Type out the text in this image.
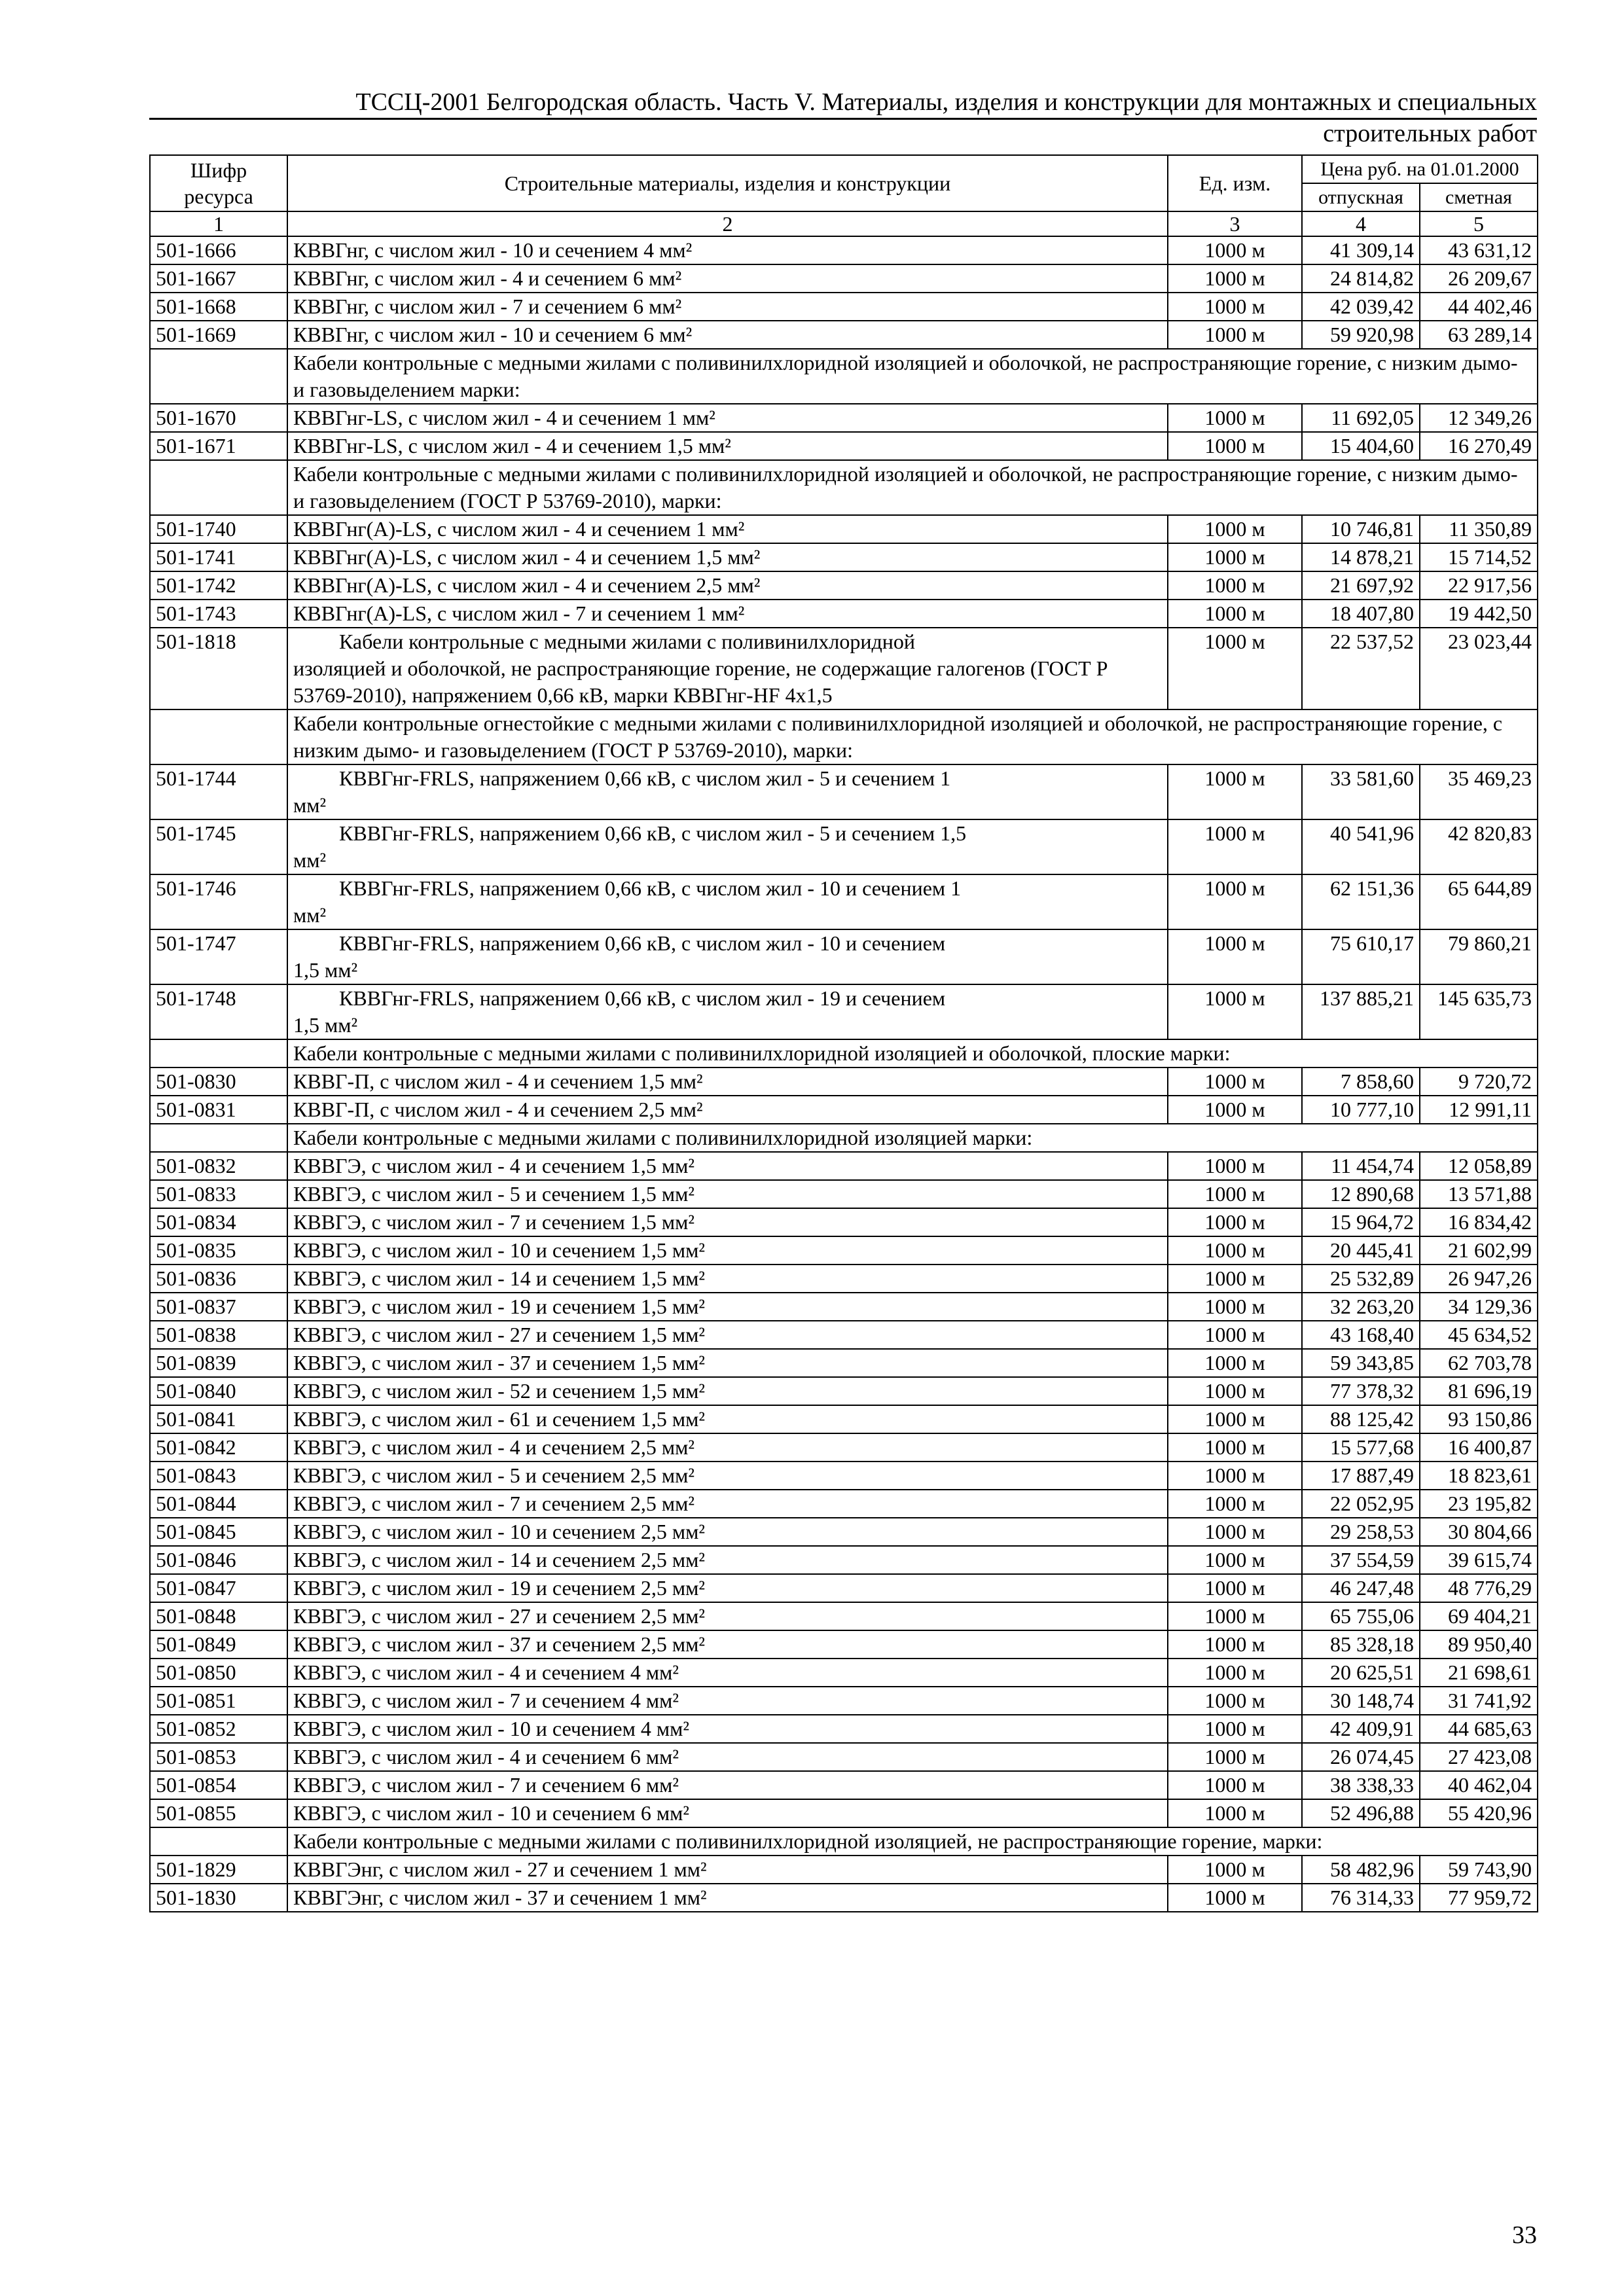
ТССЦ-2001 Белгородская область. Часть V. Материалы, изделия и конструкции для монтажных и специальных
строительных работ
Шифр ресурса	Строительные материалы, изделия и конструкции	Ед. изм.	Цена руб. на 01.01.2000	
			отпускная	сметная
1	2	3	4	5
501-1666	КВВГнг, с числом жил - 10 и сечением 4 мм²	1000 м	41 309,14	43 631,12
501-1667	КВВГнг, с числом жил - 4 и сечением 6 мм²	1000 м	24 814,82	26 209,67
501-1668	КВВГнг, с числом жил - 7 и сечением 6 мм²	1000 м	42 039,42	44 402,46
501-1669	КВВГнг, с числом жил - 10 и сечением 6 мм²	1000 м	59 920,98	63 289,14
	Кабели контрольные с медными жилами с поливинилхлоридной изоляцией и оболочкой, не распространяющие горение, с низким дымо- и газовыделением марки:			
501-1670	КВВГнг-LS, с числом жил - 4 и сечением 1 мм²	1000 м	11 692,05	12 349,26
501-1671	КВВГнг-LS, с числом жил - 4 и сечением 1,5 мм²	1000 м	15 404,60	16 270,49
	Кабели контрольные с медными жилами с поливинилхлоридной изоляцией и оболочкой, не распространяющие горение, с низким дымо- и газовыделением (ГОСТ Р 53769-2010), марки:			
501-1740	КВВГнг(А)-LS, с числом жил - 4 и сечением 1 мм²	1000 м	10 746,81	11 350,89
501-1741	КВВГнг(А)-LS, с числом жил - 4 и сечением 1,5 мм²	1000 м	14 878,21	15 714,52
501-1742	КВВГнг(А)-LS, с числом жил - 4 и сечением 2,5 мм²	1000 м	21 697,92	22 917,56
501-1743	КВВГнг(А)-LS, с числом жил - 7 и сечением 1 мм²	1000 м	18 407,80	19 442,50
501-1818	Кабели контрольные с медными жилами с поливинилхлоридной
изоляцией и оболочкой, не распространяющие горение, не содержащие галогенов (ГОСТ Р 53769-2010), напряжением 0,66 кВ, марки КВВГнг-HF 4х1,5	1000 м	22 537,52	23 023,44
	Кабели контрольные огнестойкие с медными жилами с поливинилхлоридной изоляцией и оболочкой, не распространяющие горение, с низким дымо- и газовыделением (ГОСТ Р 53769-2010), марки:			
501-1744	КВВГнг-FRLS, напряжением 0,66 кВ, с числом жил - 5 и сечением 1
мм²	1000 м	33 581,60	35 469,23
501-1745	КВВГнг-FRLS, напряжением 0,66 кВ, с числом жил - 5 и сечением 1,5
мм²	1000 м	40 541,96	42 820,83
501-1746	КВВГнг-FRLS, напряжением 0,66 кВ, с числом жил - 10 и сечением 1
мм²	1000 м	62 151,36	65 644,89
501-1747	КВВГнг-FRLS, напряжением 0,66 кВ, с числом жил - 10 и сечением
1,5 мм²	1000 м	75 610,17	79 860,21
501-1748	КВВГнг-FRLS, напряжением 0,66 кВ, с числом жил - 19 и сечением
1,5 мм²	1000 м	137 885,21	145 635,73
	Кабели контрольные с медными жилами с поливинилхлоридной изоляцией и оболочкой, плоские марки:			
501-0830	КВВГ-П, с числом жил - 4 и сечением 1,5 мм²	1000 м	7 858,60	9 720,72
501-0831	КВВГ-П, с числом жил - 4 и сечением 2,5 мм²	1000 м	10 777,10	12 991,11
	Кабели контрольные с медными жилами с поливинилхлоридной изоляцией марки:			
501-0832	КВВГЭ, с числом жил - 4 и сечением 1,5 мм²	1000 м	11 454,74	12 058,89
501-0833	КВВГЭ, с числом жил - 5 и сечением 1,5 мм²	1000 м	12 890,68	13 571,88
501-0834	КВВГЭ, с числом жил - 7 и сечением 1,5 мм²	1000 м	15 964,72	16 834,42
501-0835	КВВГЭ, с числом жил - 10 и сечением 1,5 мм²	1000 м	20 445,41	21 602,99
501-0836	КВВГЭ, с числом жил - 14 и сечением 1,5 мм²	1000 м	25 532,89	26 947,26
501-0837	КВВГЭ, с числом жил - 19 и сечением 1,5 мм²	1000 м	32 263,20	34 129,36
501-0838	КВВГЭ, с числом жил - 27 и сечением 1,5 мм²	1000 м	43 168,40	45 634,52
501-0839	КВВГЭ, с числом жил - 37 и сечением 1,5 мм²	1000 м	59 343,85	62 703,78
501-0840	КВВГЭ, с числом жил - 52 и сечением 1,5 мм²	1000 м	77 378,32	81 696,19
501-0841	КВВГЭ, с числом жил - 61 и сечением 1,5 мм²	1000 м	88 125,42	93 150,86
501-0842	КВВГЭ, с числом жил - 4 и сечением 2,5 мм²	1000 м	15 577,68	16 400,87
501-0843	КВВГЭ, с числом жил - 5 и сечением 2,5 мм²	1000 м	17 887,49	18 823,61
501-0844	КВВГЭ, с числом жил - 7 и сечением 2,5 мм²	1000 м	22 052,95	23 195,82
501-0845	КВВГЭ, с числом жил - 10 и сечением 2,5 мм²	1000 м	29 258,53	30 804,66
501-0846	КВВГЭ, с числом жил - 14 и сечением 2,5 мм²	1000 м	37 554,59	39 615,74
501-0847	КВВГЭ, с числом жил - 19 и сечением 2,5 мм²	1000 м	46 247,48	48 776,29
501-0848	КВВГЭ, с числом жил - 27 и сечением 2,5 мм²	1000 м	65 755,06	69 404,21
501-0849	КВВГЭ, с числом жил - 37 и сечением 2,5 мм²	1000 м	85 328,18	89 950,40
501-0850	КВВГЭ, с числом жил - 4 и сечением 4 мм²	1000 м	20 625,51	21 698,61
501-0851	КВВГЭ, с числом жил - 7 и сечением 4 мм²	1000 м	30 148,74	31 741,92
501-0852	КВВГЭ, с числом жил - 10 и сечением 4 мм²	1000 м	42 409,91	44 685,63
501-0853	КВВГЭ, с числом жил - 4 и сечением 6 мм²	1000 м	26 074,45	27 423,08
501-0854	КВВГЭ, с числом жил - 7 и сечением 6 мм²	1000 м	38 338,33	40 462,04
501-0855	КВВГЭ, с числом жил - 10 и сечением 6 мм²	1000 м	52 496,88	55 420,96
	Кабели контрольные с медными жилами с поливинилхлоридной изоляцией, не распространяющие горение, марки:			
501-1829	КВВГЭнг, с числом жил - 27 и сечением 1 мм²	1000 м	58 482,96	59 743,90
501-1830	КВВГЭнг, с числом жил - 37 и сечением 1 мм²	1000 м	76 314,33	77 959,72
33
